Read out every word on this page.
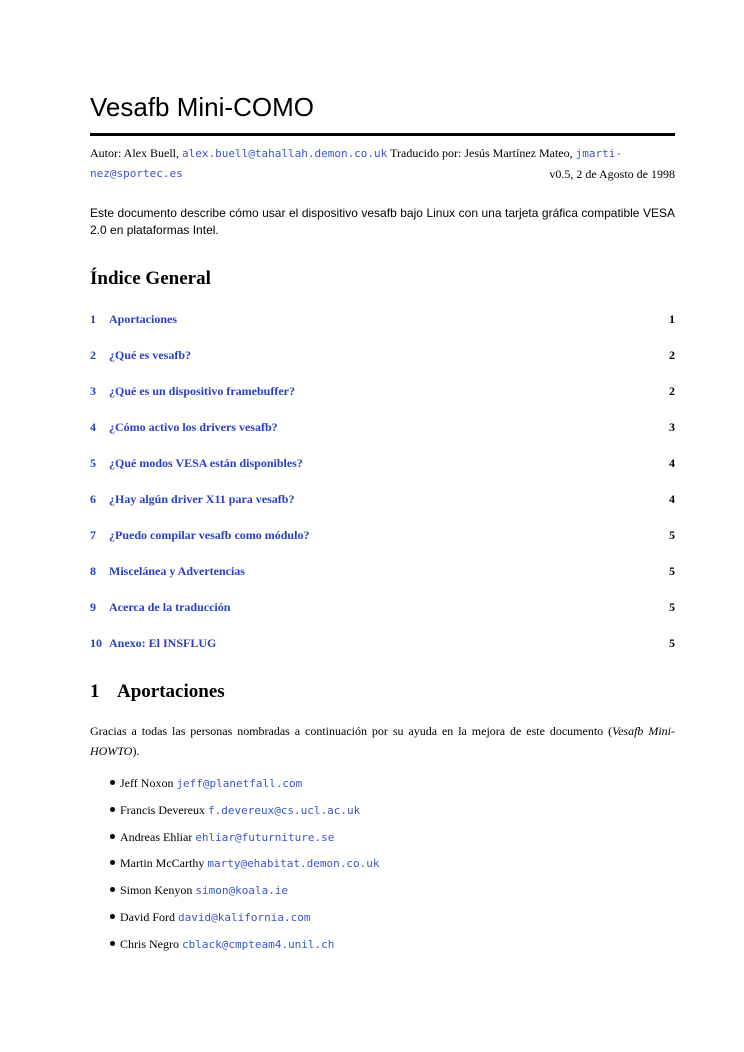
Vesafb Mini-COMO
Autor: Alex Buell, alex.buell@tahallah.demon.co.uk Traducido por: Jesús Martínez Mateo, jmarti-
nez@sportec.es	v0.5, 2 de Agosto de 1998

Este documento describe cómo usar el dispositivo vesafb bajo Linux con una tarjeta gráfica compatible VESA 2.0 en plataformas Intel.

Índice General
1	Aportaciones	1
2	¿Qué es vesafb?	2
3	¿Qué es un dispositivo framebuffer?	2
4	¿Cómo activo los drivers vesafb?	3
5	¿Qué modos VESA están disponibles?	4
6	¿Hay algún driver X11 para vesafb?	4
7	¿Puedo compilar vesafb como módulo?	5
8	Miscelánea y Advertencias	5
9	Acerca de la traducción	5
10 Anexo: El INSFLUG	5
1 Aportaciones

Gracias a todas las personas nombradas a continuación por su ayuda en la mejora de este documento (Vesafb Mini-HOWTO).

Jeff Noxon jeff@planetfall.com
Francis Devereux f.devereux@cs.ucl.ac.uk
Andreas Ehliar ehliar@futurniture.se
Martin McCarthy marty@ehabitat.demon.co.uk
Simon Kenyon simon@koala.ie
David Ford david@kalifornia.com
Chris Negro cblack@cmpteam4.unil.ch
